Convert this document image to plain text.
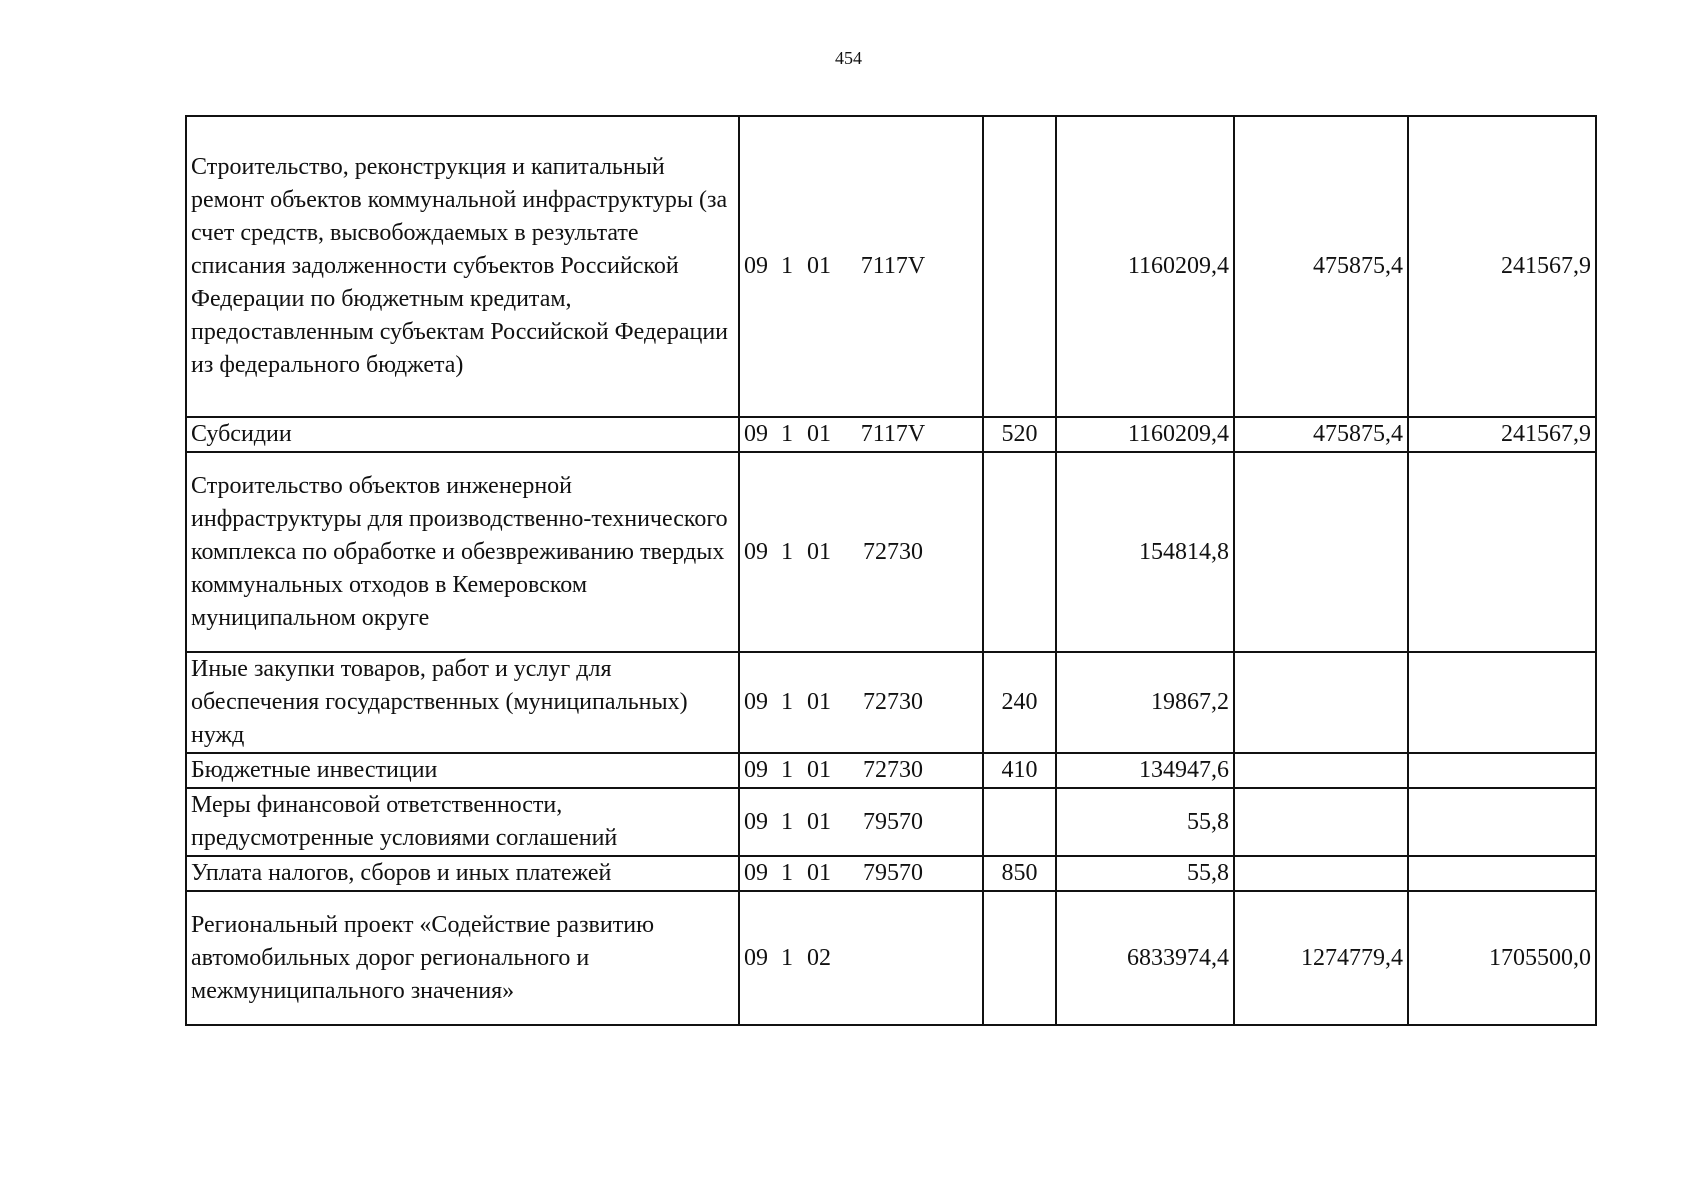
454
Строительство, реконструкция и капитальный ремонт объектов коммунальной инфраструктуры (за счет средств, высвобождаемых в результате списания задолженности субъектов Российской Федерации по бюджетным кредитам, предоставленным субъектам Российской Федерации из федерального бюджета)	09 1 01 7117V		1160209,4	475875,4	241567,9
Субсидии	09 1 01 7117V	520	1160209,4	475875,4	241567,9
Строительство объектов инженерной инфраструктуры для производственно-технического комплекса по обработке и обезвреживанию твердых коммунальных отходов в Кемеровском муниципальном округе	09 1 01 72730		154814,8		
Иные закупки товаров, работ и услуг для обеспечения государственных (муниципальных) нужд	09 1 01 72730	240	19867,2		
Бюджетные инвестиции	09 1 01 72730	410	134947,6		
Меры финансовой ответственности, предусмотренные условиями соглашений	09 1 01 79570		55,8		
Уплата налогов, сборов и иных платежей	09 1 01 79570	850	55,8		
Региональный проект «Содействие развитию автомобильных дорог регионального и межмуниципального значения»	09 1 02		6833974,4	1274779,4	1705500,0
